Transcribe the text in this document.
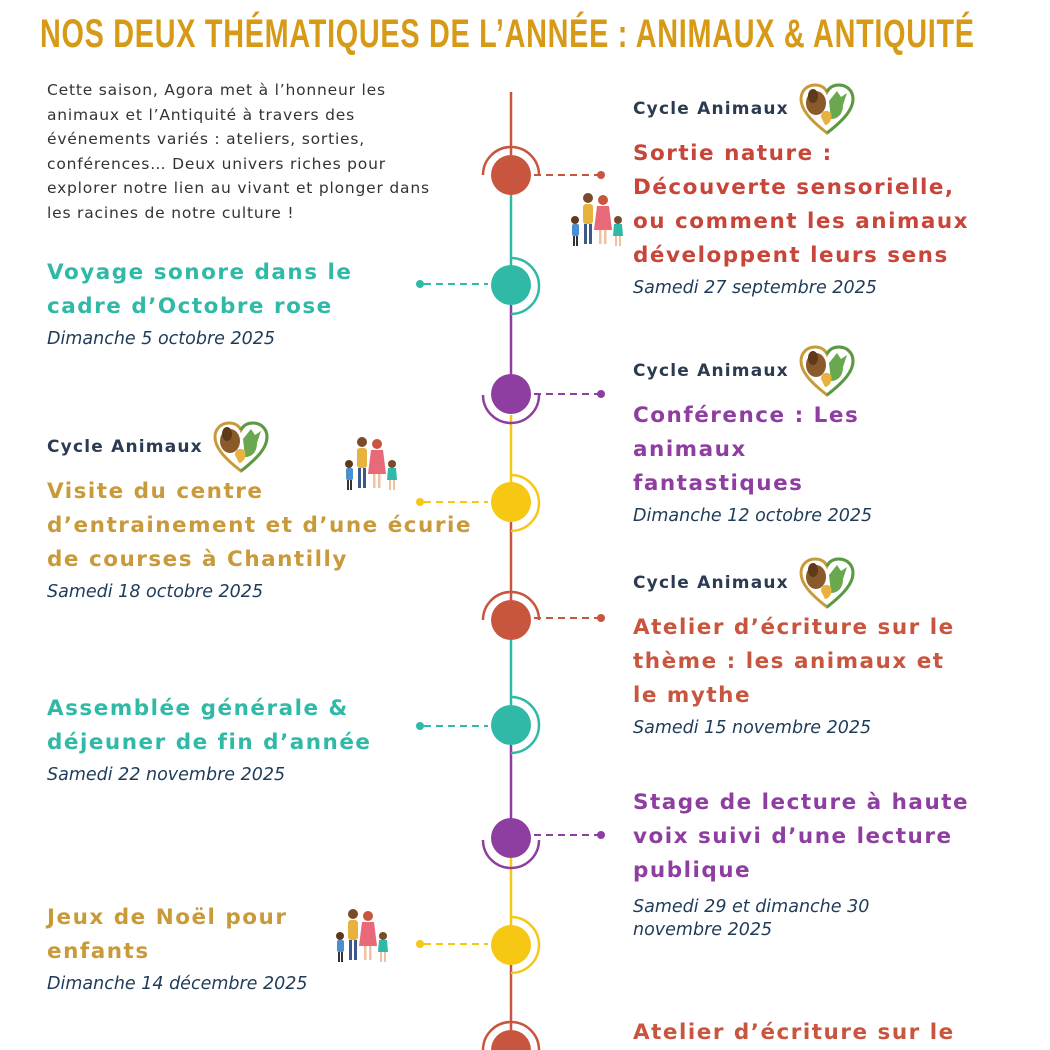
NOS DEUX THÉMATIQUES DE L’ANNÉE : ANIMAUX & ANTIQUITÉ
Cette saison, Agora met à l’honneur les animaux et l’Antiquité à travers des événements variés : ateliers, sorties, conférences… Deux univers riches pour explorer notre lien au vivant et plonger dans les racines de notre culture !
Cycle Animaux
Sortie nature : Découverte sensorielle, ou comment les animaux développent leurs sens
Samedi 27 septembre 2025
Voyage sonore dans le cadre d’Octobre rose
Dimanche 5 octobre 2025
Cycle Animaux
Conférence : Les animaux fantastiques
Dimanche 12 octobre 2025
Cycle Animaux
Visite du centre d’entrainement et d’une écurie de courses à Chantilly
Samedi 18 octobre 2025	Cycle Animaux
Atelier d’écriture sur le thème : les animaux et le mythe
Samedi 15 novembre 2025
Assemblée générale & déjeuner de fin d’année
Samedi 22 novembre 2025
Stage de lecture à haute voix suivi d’une lecture publique
Samedi 29 et dimanche 30 novembre 2025
Jeux de Noël pour enfants
Dimanche 14 décembre 2025
Atelier d’écriture sur le
